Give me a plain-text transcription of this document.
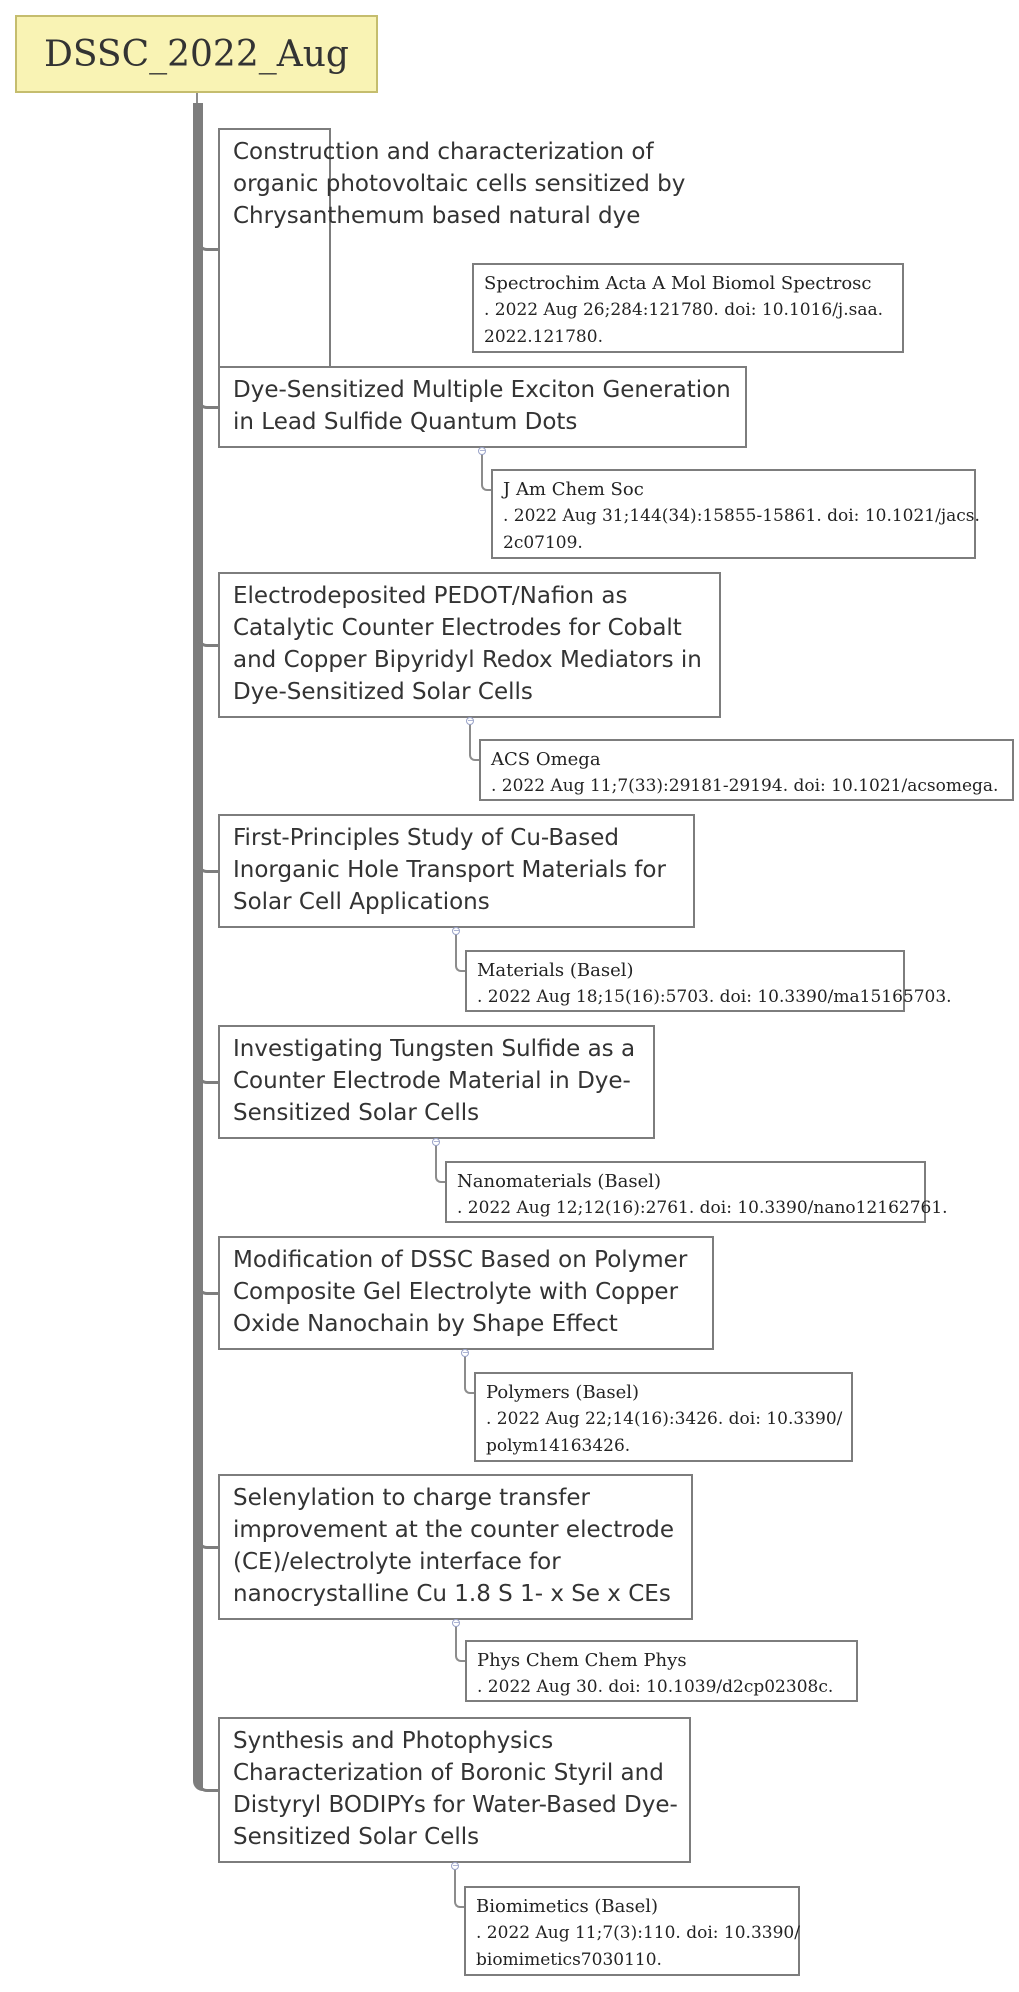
DSSC_2022_Aug

Construction and characterization of

organic photovoltaic cells sensitized by

Chrysanthemum based natural dye

Spectrochim Acta A Mol Biomol Spectrosc

. 2022 Aug 26;284:121780. doi: 10.1016/j.saa.

2022.121780.

Dye-Sensitized Multiple Exciton Generation

in Lead Sulfide Quantum Dots

−

J Am Chem Soc

. 2022 Aug 31;144(34):15855-15861. doi: 10.1021/jacs.

2c07109.

Electrodeposited PEDOT/Nafion as

Catalytic Counter Electrodes for Cobalt

and Copper Bipyridyl Redox Mediators in

Dye-Sensitized Solar Cells

−

ACS Omega

. 2022 Aug 11;7(33):29181-29194. doi: 10.1021/acsomega.

First-Principles Study of Cu-Based

Inorganic Hole Transport Materials for

Solar Cell Applications

−

Materials (Basel)

. 2022 Aug 18;15(16):5703. doi: 10.3390/ma15165703.

Investigating Tungsten Sulfide as a

Counter Electrode Material in Dye-

Sensitized Solar Cells

−

Nanomaterials (Basel)

. 2022 Aug 12;12(16):2761. doi: 10.3390/nano12162761.

Modification of DSSC Based on Polymer

Composite Gel Electrolyte with Copper

Oxide Nanochain by Shape Effect

−

Polymers (Basel)

. 2022 Aug 22;14(16):3426. doi: 10.3390/

polym14163426.

Selenylation to charge transfer

improvement at the counter electrode

(CE)/electrolyte interface for

nanocrystalline Cu 1.8 S 1- x Se x CEs

−

Phys Chem Chem Phys

. 2022 Aug 30. doi: 10.1039/d2cp02308c.

Synthesis and Photophysics

Characterization of Boronic Styril and

Distyryl BODIPYs for Water-Based Dye-

Sensitized Solar Cells

−

Biomimetics (Basel)

. 2022 Aug 11;7(3):110. doi: 10.3390/

biomimetics7030110.
